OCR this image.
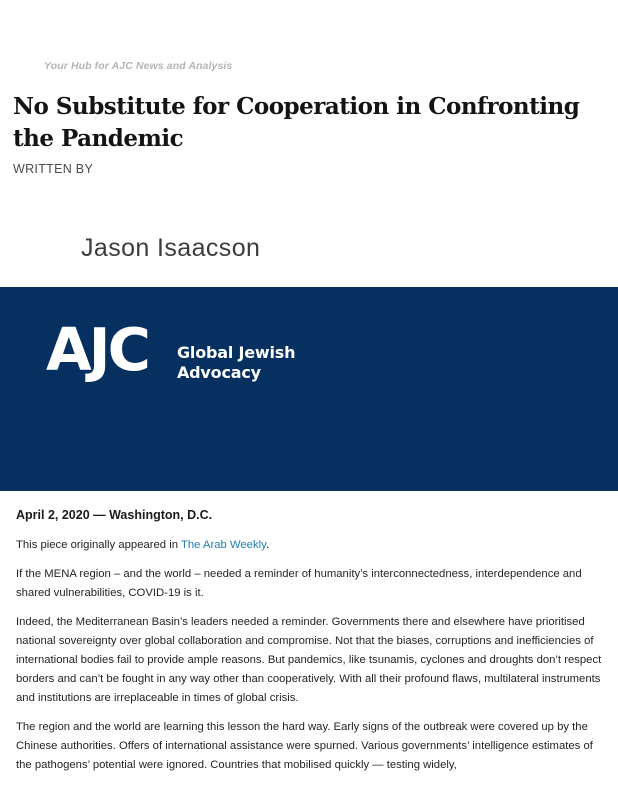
Your Hub for AJC News and Analysis
No Substitute for Cooperation in Confronting the Pandemic
WRITTEN BY
Jason Isaacson
AJC Global Jewish
Advocacy
April 2, 2020 — Washington, D.C.

This piece originally appeared in The Arab Weekly.

If the MENA region – and the world – needed a reminder of humanity’s interconnectedness, interdependence and shared vulnerabilities, COVID-19 is it.

Indeed, the Mediterranean Basin’s leaders needed a reminder. Governments there and elsewhere have prioritised national sovereignty over global collaboration and compromise. Not that the biases, corruptions and inefficiencies of international bodies fail to provide ample reasons. But pandemics, like tsunamis, cyclones and droughts don’t respect borders and can’t be fought in any way other than cooperatively. With all their profound flaws, multilateral instruments and institutions are irreplaceable in times of global crisis.

The region and the world are learning this lesson the hard way. Early signs of the outbreak were covered up by the Chinese authorities. Offers of international assistance were spurned. Various governments’ intelligence estimates of the pathogens’ potential were ignored. Countries that mobilised quickly — testing widely,
